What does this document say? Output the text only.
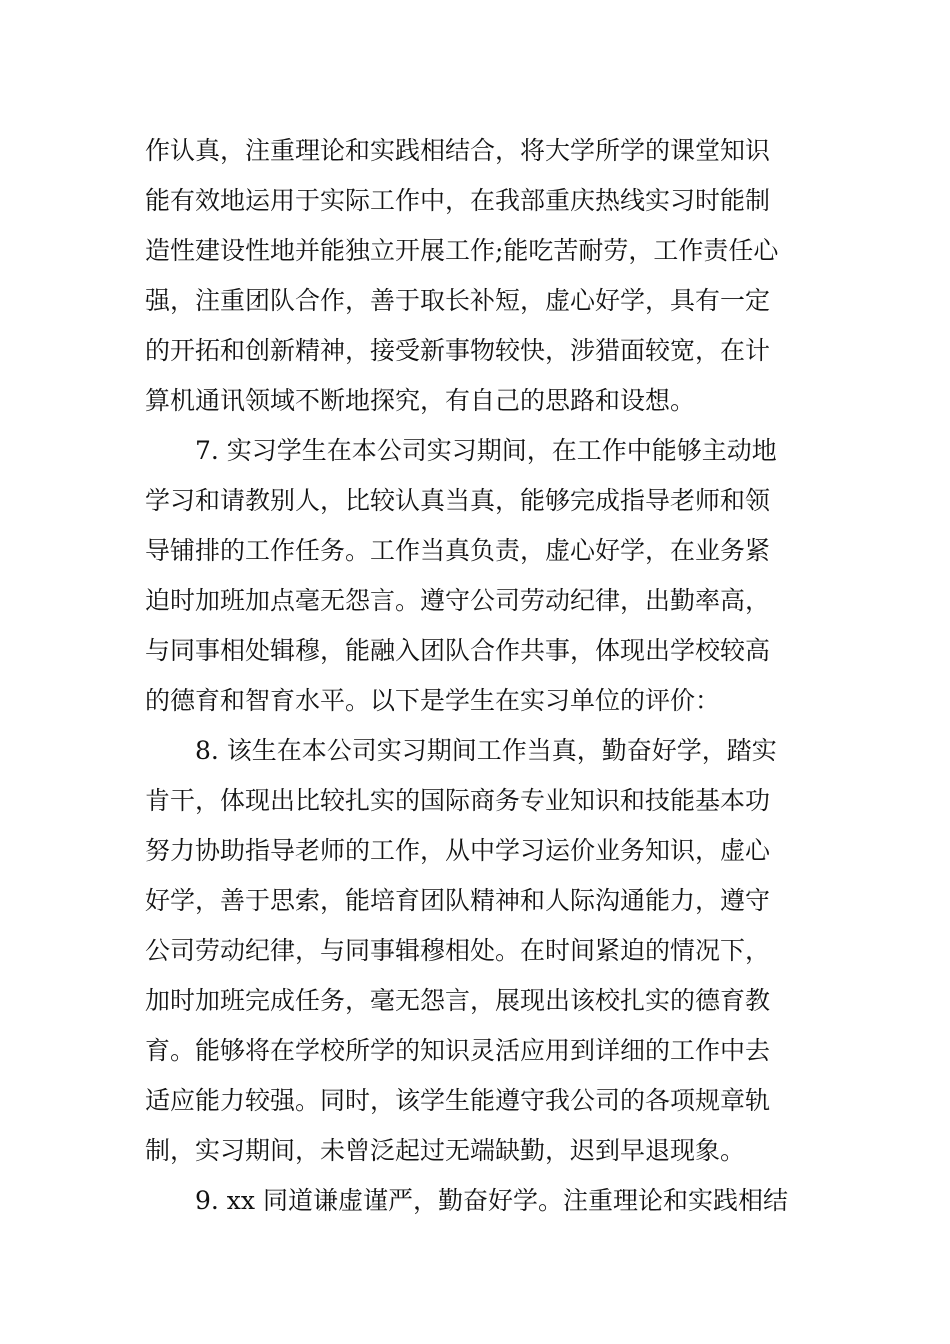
作认真，注重理论和实践相结合，将大学所学的课堂知识
能有效地运用于实际工作中，在我部重庆热线实习时能制
造性建设性地并能独立开展工作;能吃苦耐劳，工作责任心
强，注重团队合作，善于取长补短，虚心好学，具有一定
的开拓和创新精神，接受新事物较快，涉猎面较宽，在计
算机通讯领域不断地探究，有自己的思路和设想。
7. 实习学生在本公司实习期间，在工作中能够主动地
学习和请教别人，比较认真当真，能够完成指导老师和领
导铺排的工作任务。工作当真负责，虚心好学，在业务紧
迫时加班加点毫无怨言。遵守公司劳动纪律，出勤率高，
与同事相处辑穆，能融入团队合作共事，体现出学校较高
的德育和智育水平。以下是学生在实习单位的评价：
8. 该生在本公司实习期间工作当真，勤奋好学，踏实
肯干，体现出比较扎实的国际商务专业知识和技能基本功
努力协助指导老师的工作，从中学习运价业务知识，虚心
好学，善于思索，能培育团队精神和人际沟通能力，遵守
公司劳动纪律，与同事辑穆相处。在时间紧迫的情况下，
加时加班完成任务，毫无怨言，展现出该校扎实的德育教
育。能够将在学校所学的知识灵活应用到详细的工作中去
适应能力较强。同时，该学生能遵守我公司的各项规章轨
制，实习期间，未曾泛起过无端缺勤，迟到早退现象。
9. xx 同道谦虚谨严，勤奋好学。注重理论和实践相结
